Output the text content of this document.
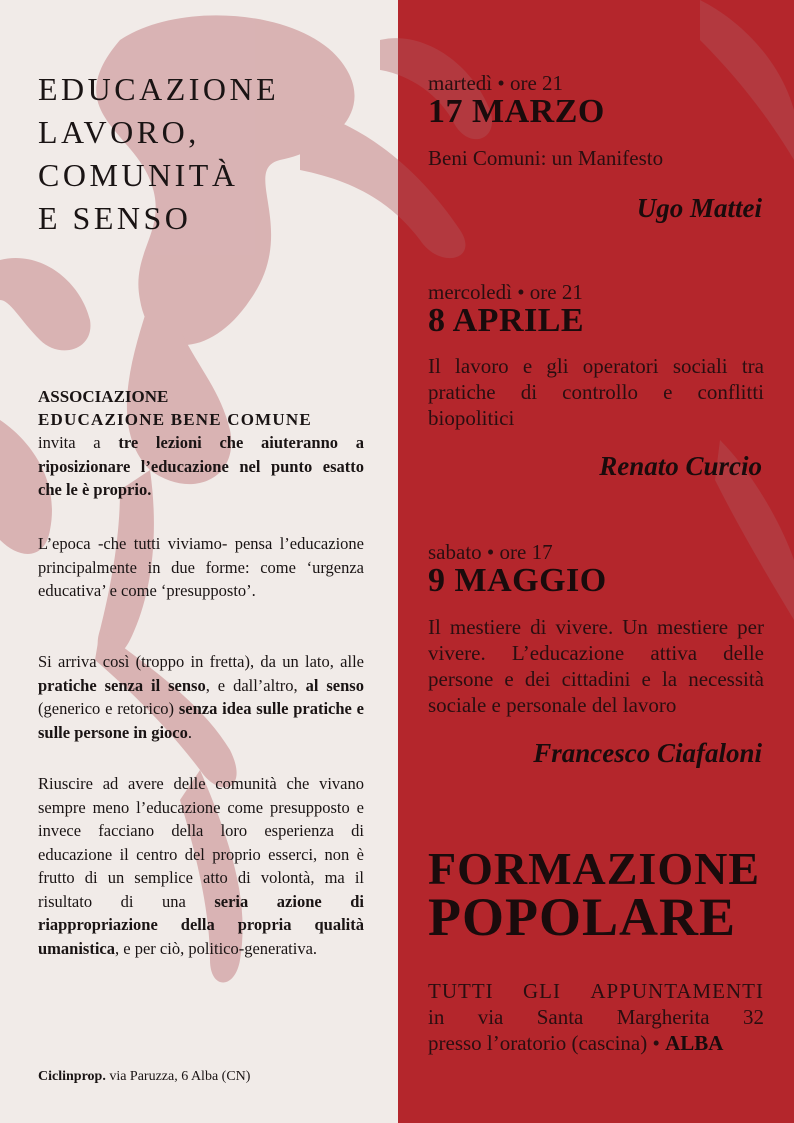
EDUCAZIONE
LAVORO,
COMUNITÀ
E SENSO
ASSOCIAZIONE
EDUCAZIONE BENE COMUNE

invita a tre lezioni che aiuteranno a riposizionare l’educazione nel punto esatto che le è proprio.

L’epoca -che tutti viviamo- pensa l’educazione principalmente in due forme: come ‘urgenza educativa’ e come ‘presupposto’.

Si arriva così (troppo in fretta), da un lato, alle pratiche senza il senso, e dall’altro, al senso (generico e retorico) senza idea sulle pratiche e sulle persone in gioco.

Riuscire ad avere delle comunità che vivano sempre meno l’educazione come presupposto e invece facciano della loro esperienza di educazione il centro del proprio esserci, non è frutto di un semplice atto di volontà, ma il risultato di una seria azione di riappropriazione della propria qualità umanistica, e per ciò, politico-generativa.

Ciclinprop. via Paruzza, 6 Alba (CN)
martedì • ore 21
17 MARZO

Beni Comuni: un Manifesto

Ugo Mattei
mercoledì • ore 21
8 APRILE

Il lavoro e gli operatori sociali tra pratiche di controllo e conflitti biopolitici

Renato Curcio
sabato • ore 17
9 MAGGIO

Il mestiere di vivere. Un mestiere per vivere. L’educazione attiva delle persone e dei cittadini e la necessità sociale e personale del lavoro

Francesco Ciafaloni
FORMAZIONE
POPOLARE
TUTTI GLI APPUNTAMENTI
in via Santa Margherita 32
presso l’oratorio (cascina) • ALBA
